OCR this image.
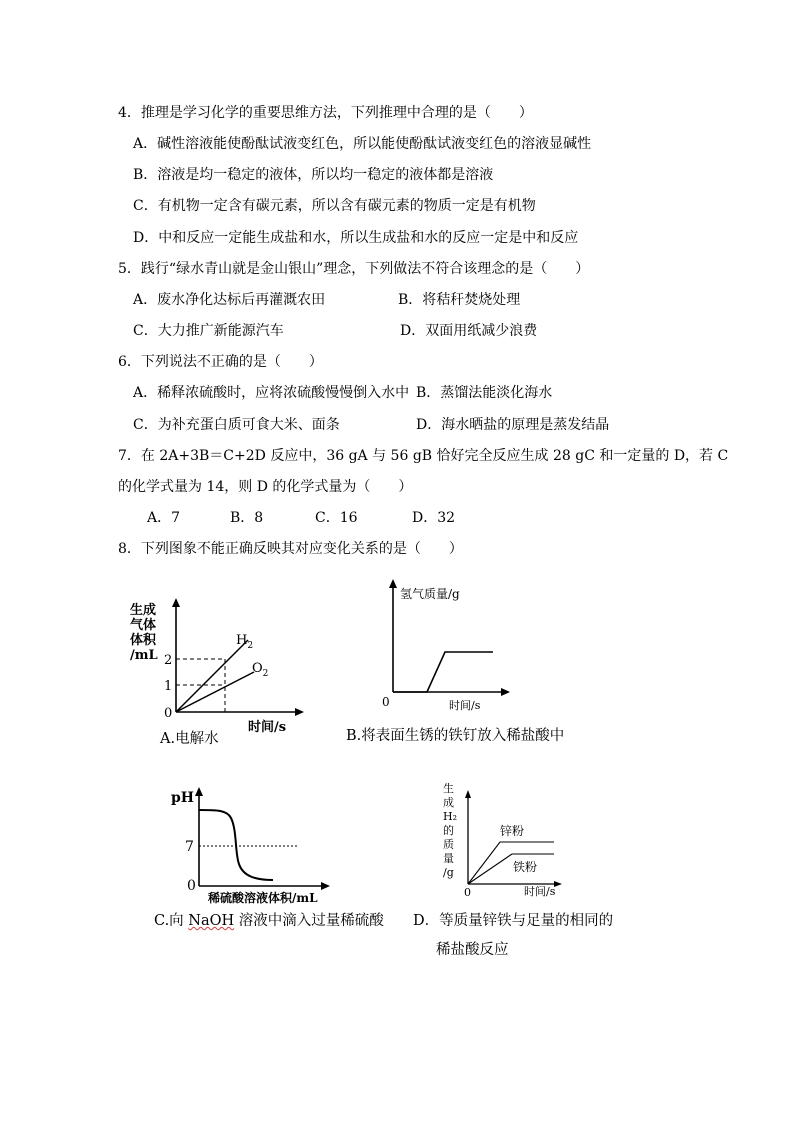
4．推理是学习化学的重要思维方法，下列推理中合理的是（　　）
A．碱性溶液能使酚酞试液变红色，所以能使酚酞试液变红色的溶液显碱性
B．溶液是均一稳定的液体，所以均一稳定的液体都是溶液
C．有机物一定含有碳元素，所以含有碳元素的物质一定是有机物
D．中和反应一定能生成盐和水，所以生成盐和水的反应一定是中和反应
5．践行“绿水青山就是金山银山”理念，下列做法不符合该理念的是（　　）
A．废水净化达标后再灌溉农田	B．将秸秆焚烧处理
C．大力推广新能源汽车	D．双面用纸减少浪费
6．下列说法不正确的是（　　）
A．稀释浓硫酸时，应将浓硫酸慢慢倒入水中 B．蒸馏法能淡化海水
C．为补充蛋白质可食大米、面条	D．海水晒盐的原理是蒸发结晶
7．在 2A+3B＝C+2D 反应中，36 gA 与 56 gB 恰好完全反应生成 28 gC 和一定量的 D，若 C
的化学式量为 14，则 D 的化学式量为（　　）
A．7	B．8	C．16	D．32
8．下列图象不能正确反映其对应变化关系的是（　　）
生成
气体
体积
/mL
$H_2$
$O_2$
2
1
0
时间/s
A.电解水
氢气质量/g
0	时间/s
B.将表面生锈的铁钉放入稀盐酸中
pH
7
0
稀硫酸溶液体积/mL
C.向 NaOH 溶液中滴入过量稀硫酸
生
成
H₂
的
质
量
/g
锌粉
铁粉
0	时间/s
D．等质量锌铁与足量的相同的
稀盐酸反应
